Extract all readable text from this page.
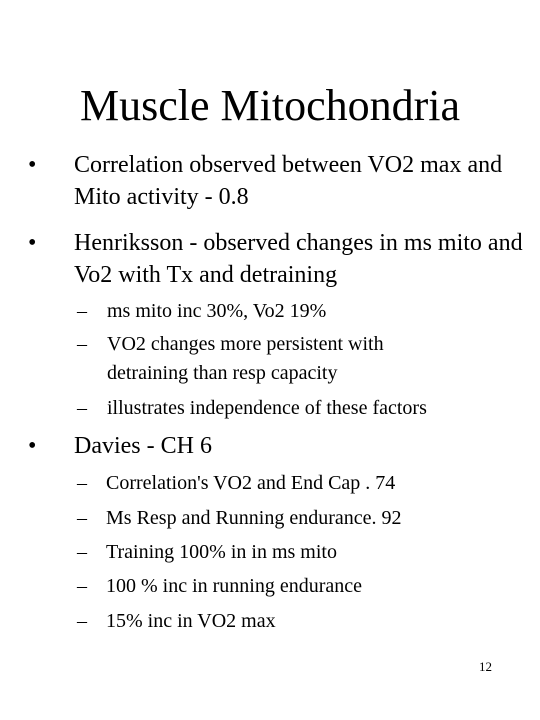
Muscle Mitochondria
• Correlation observed between VO2 max and Mito activity - 0.8
• Henriksson - observed changes in ms mito and Vo2 with Tx and detraining
– ms mito inc 30%, Vo2 19%
– VO2 changes more persistent with detraining than resp capacity
– illustrates independence of these factors
• Davies - CH 6
– Correlation's VO2 and End Cap . 74
– Ms Resp and Running endurance. 92
– Training 100% in in ms mito
– 100 % inc in running endurance
– 15% inc in VO2 max
12
